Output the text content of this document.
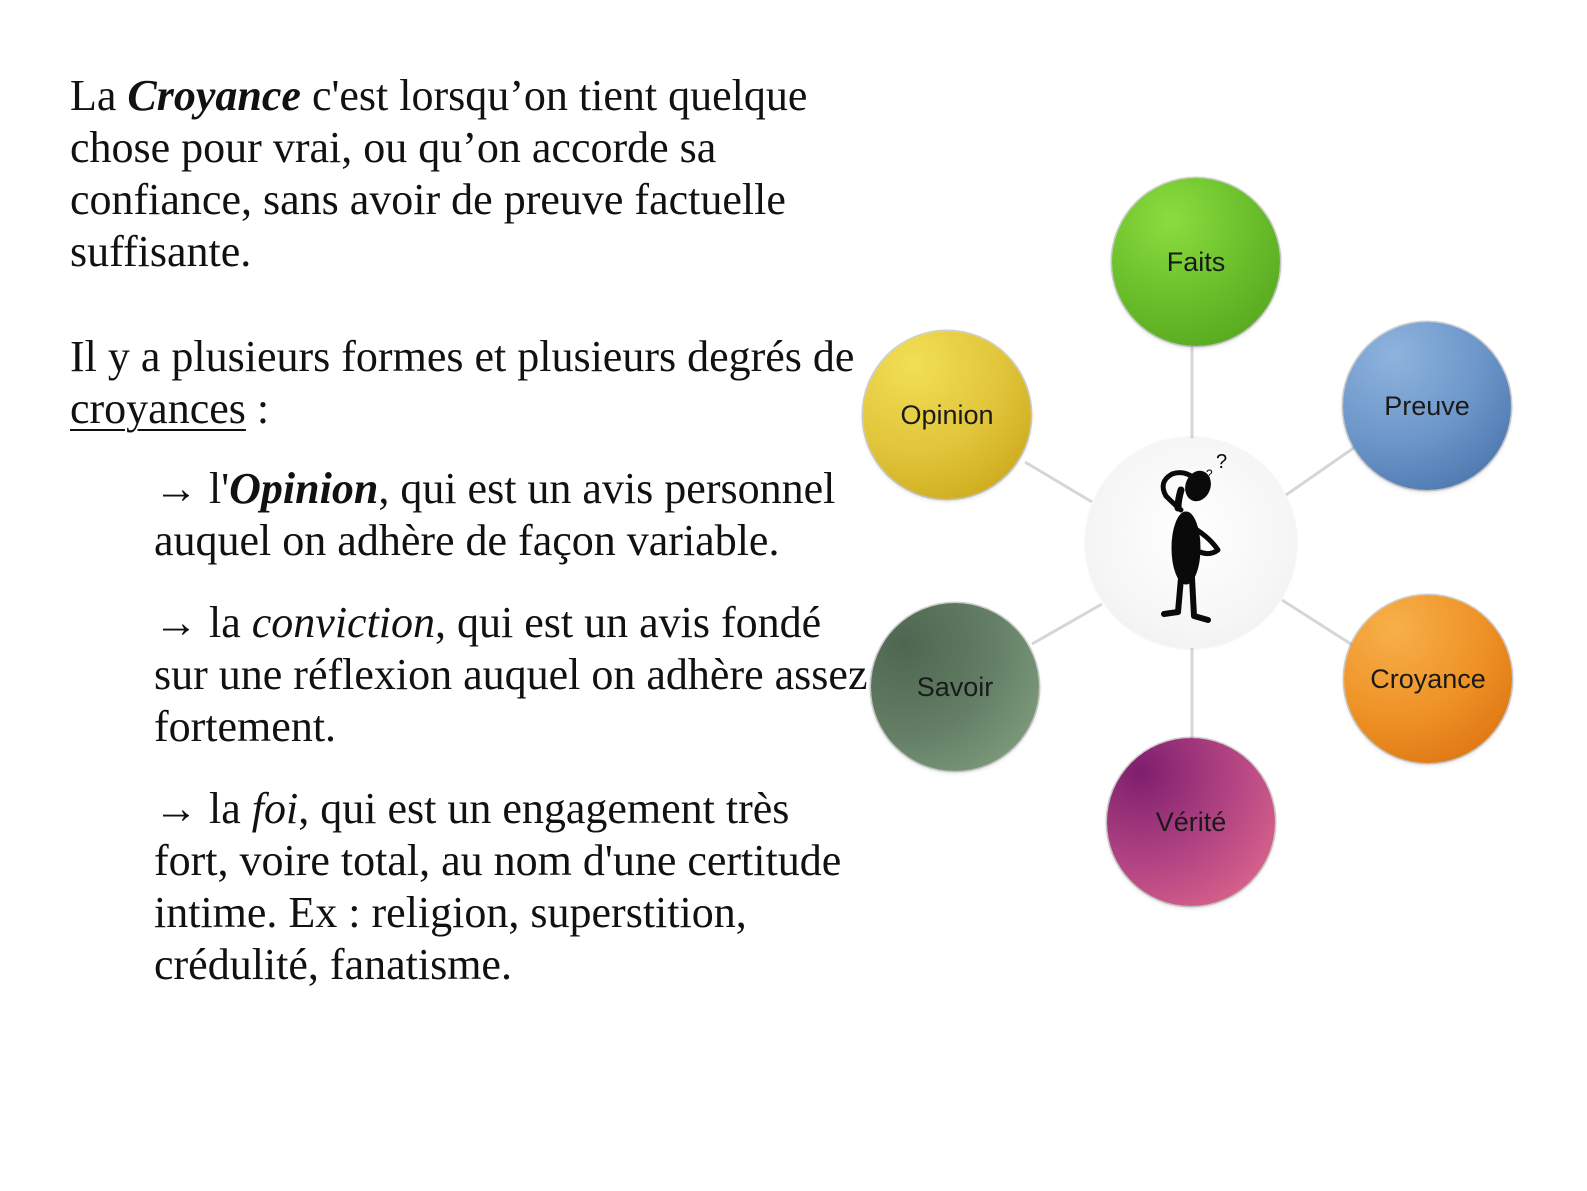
La Croyance c'est lorsqu’on tient quelque chose pour vrai, ou qu’on accorde sa confiance, sans avoir de preuve factuelle suffisante.

Il y a plusieurs formes et plusieurs degrés de croyances :

→ l'Opinion, qui est un avis personnel auquel on adhère de façon variable.

→ la conviction, qui est un avis fondé sur une réflexion auquel on adhère assez fortement.

→ la foi, qui est un engagement très fort, voire total, au nom d'une certitude intime. Ex : religion, superstition, crédulité, fanatisme.

?
?
Faits
Preuve
Croyance
Vérité
Savoir
Opinion
